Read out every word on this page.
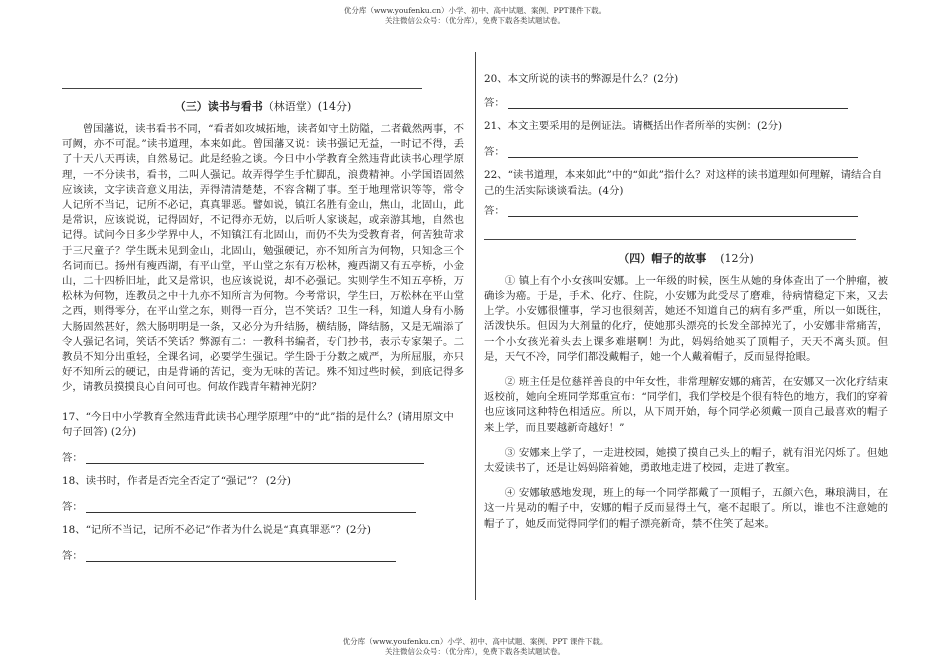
优分库（www.youfenku.cn）小学、初中、高中试题、案例、PPT课件下载。
关注微信公众号：（优分库），免费下载各类试题试卷。

（三）读书与看书（林语堂）(14分)

曾国藩说，读书看书不同，“看者如攻城拓地，读者如守土防隘，二者截然两事，不可阙，亦不可混。”读书道理，本来如此。曾国藩又说：读书强记无益，一时记不得，丢了十天八天再读，自然易记。此是经验之谈。今日中小学教育全然违背此读书心理学原理，一不分读书，看书，二叫人强记。故弄得学生手忙脚乱，浪费精神。小学国语固然应该读，文字读音意义用法，弄得清清楚楚，不容含糊了事。至于地理常识等等，常令人记所不当记，记所不必记，真真罪恶。譬如说，镇江名胜有金山，焦山，北固山，此是常识，应该说说，记得固好，不记得亦无妨，以后听人家谈起，或亲游其地，自然也记得。试问今日多少学界中人，不知镇江有北固山，而仍不失为受教育者，何苦独苛求于三尺童子？学生既未见到金山，北固山，勉强硬记，亦不知所言为何物，只知念三个名词而已。扬州有瘦西湖，有平山堂，平山堂之东有万松林，瘦西湖又有五亭桥，小金山，二十四桥旧址，此又是常识，也应该说说，却不必强记。实则学生不知五亭桥，万松林为何物，连教员之中十九亦不知所言为何物。今考常识，学生曰，万松林在平山堂之西，则得零分，在平山堂之东，则得一百分，岂不笑话？卫生一科，知道人身有小肠大肠固然甚好，然大肠明明是一条，又必分为升结肠，横结肠，降结肠，又是无端添了令人强记名词，笑话不笑话？弊源有二：一教科书编者，专门抄书，表示专家架子。二教员不知分出重轻，全课名词，必要学生强记。学生卧于分数之威严，为所屈服，亦只好不知所云的硬记，由是背诵的苦记，变为无味的苦记。殊不知过些时候，到底记得多少，请教员摸摸良心自问可也。何故作践青年精神光阴？

17、“今日中小学教育全然违背此读书心理学原理”中的“此”指的是什么？(请用原文中句子回答) (2分)

答：

18、读书时，作者是否完全否定了“强记”？ (2分)

答：

18、“记所不当记，记所不必记”作者为什么说是“真真罪恶”？(2分)

答：

20、本文所说的读书的弊源是什么？(2分)

答：

21、本文主要采用的是例证法。请概括出作者所举的实例：(2分)

答：

22、“读书道理，本来如此”中的“如此”指什么？对这样的读书道理如何理解，请结合自己的生活实际谈谈看法。(4分)

答：

（四）帽子的故事 (12分)

① 镇上有个小女孩叫安娜。上一年级的时候，医生从她的身体查出了一个肿瘤，被确诊为癌。于是，手术、化疗、住院，小安娜为此受尽了磨难，待病情稳定下来，又去上学。小安娜很懂事，学习也很刻苦，她还不知道自己的病有多严重，所以一如既往，活泼快乐。但因为大剂量的化疗，使她那头漂亮的长发全部掉光了，小安娜非常痛苦，一个小女孩光着头去上课多难堪啊！为此，妈妈给她买了顶帽子，天天不离头顶。但是，天气不冷，同学们都没戴帽子，她一个人戴着帽子，反而显得抢眼。

② 班主任是位慈祥善良的中年女性，非常理解安娜的痛苦，在安娜又一次化疗结束返校前，她向全班同学郑重宣布：“同学们，我们学校是个很有特色的地方，我们的穿着也应该同这种特色相适应。所以，从下周开始，每个同学必须戴一顶自己最喜欢的帽子来上学，而且要越新奇越好！”

③ 安娜来上学了，一走进校园，她摸了摸自己头上的帽子，就有泪光闪烁了。但她太爱读书了，还是让妈妈陪着她，勇敢地走进了校园，走进了教室。

④ 安娜敏感地发现，班上的每一个同学都戴了一顶帽子，五颜六色，琳琅满目，在这一片晃动的帽子中，安娜的帽子反而显得土气，毫不起眼了。所以，谁也不注意她的帽子了，她反而觉得同学们的帽子漂亮新奇，禁不住笑了起来。

优分库（www.youfenku.cn）小学、初中、高中试题、案例、PPT 课件下载。
关注微信公众号：（优分库），免费下载各类试题试卷。
